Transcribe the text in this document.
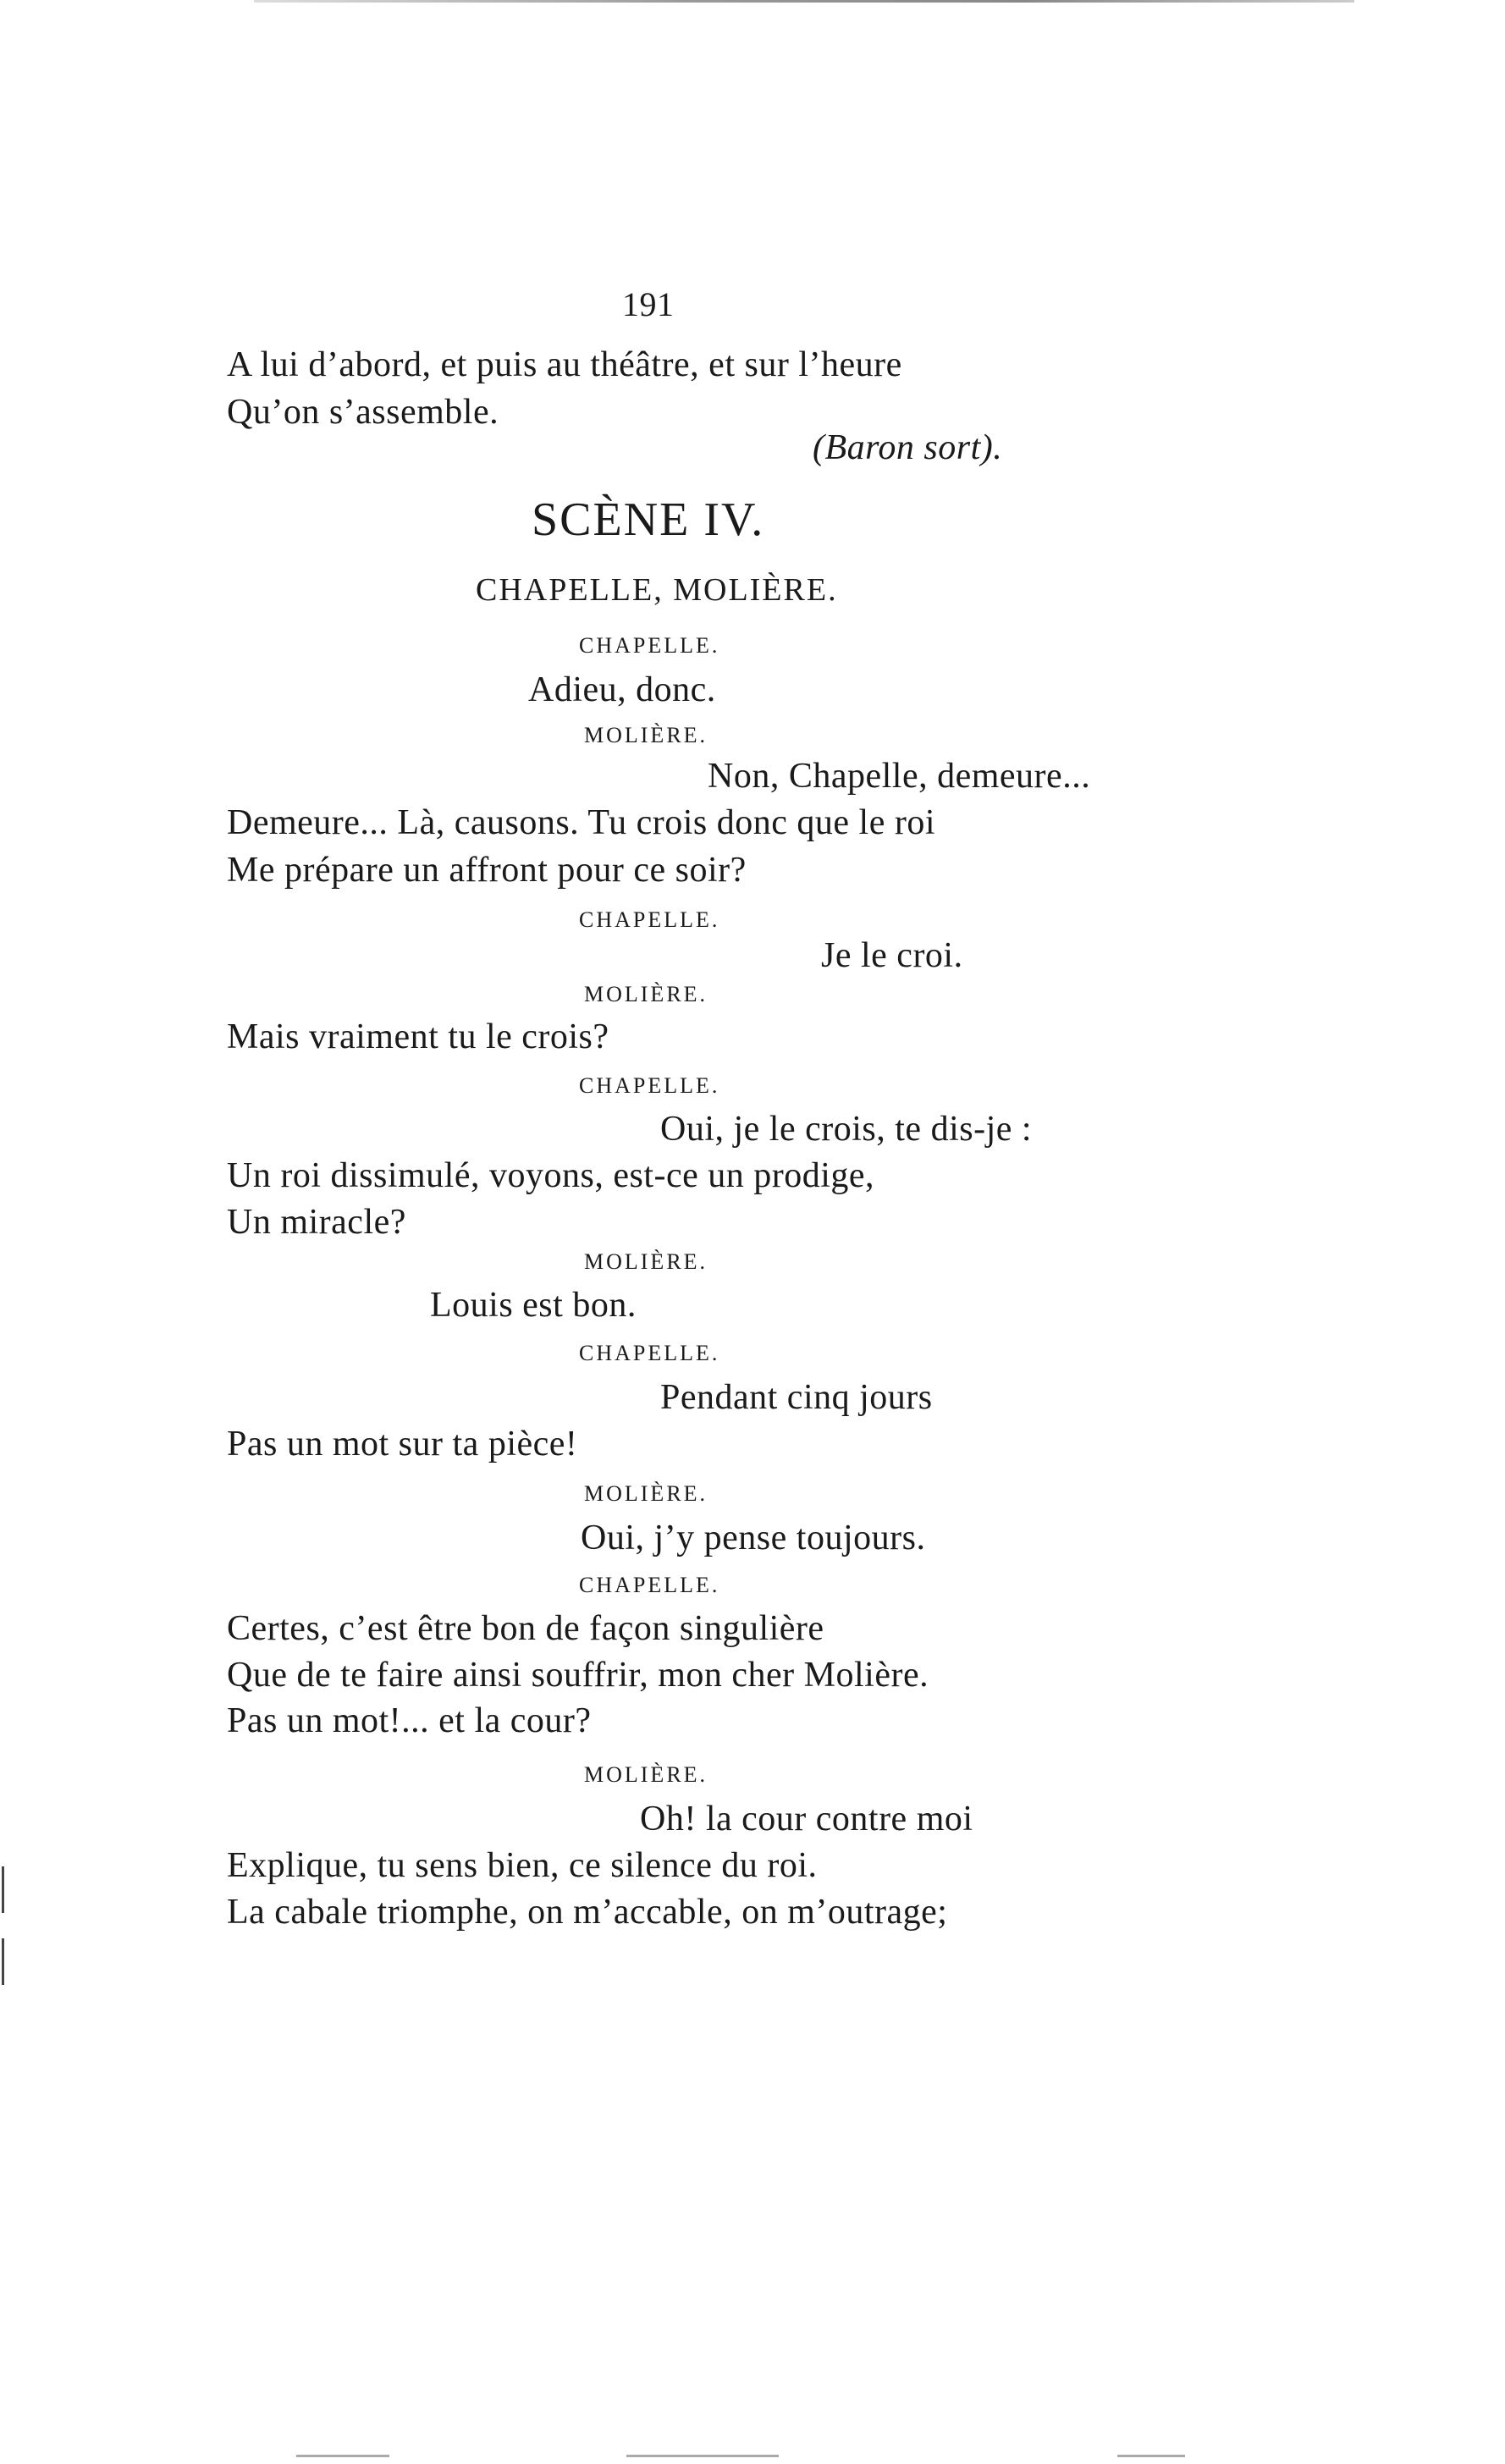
191
A lui d’abord, et puis au théâtre, et sur l’heure
Qu’on s’assemble.
(Baron sort).
SCÈNE IV.
CHAPELLE, MOLIÈRE.
CHAPELLE.
Adieu, donc.
MOLIÈRE.
Non, Chapelle, demeure...
Demeure... Là, causons. Tu crois donc que le roi
Me prépare un affront pour ce soir?
CHAPELLE.
Je le croi.
MOLIÈRE.
Mais vraiment tu le crois?
CHAPELLE.
Oui, je le crois, te dis-je :
Un roi dissimulé, voyons, est-ce un prodige,
Un miracle?
MOLIÈRE.
Louis est bon.
CHAPELLE.
Pendant cinq jours
Pas un mot sur ta pièce!
MOLIÈRE.
Oui, j’y pense toujours.
CHAPELLE.
Certes, c’est être bon de façon singulière
Que de te faire ainsi souffrir, mon cher Molière.
Pas un mot!... et la cour?
MOLIÈRE.
Oh! la cour contre moi
Explique, tu sens bien, ce silence du roi.
La cabale triomphe, on m’accable, on m’outrage;
